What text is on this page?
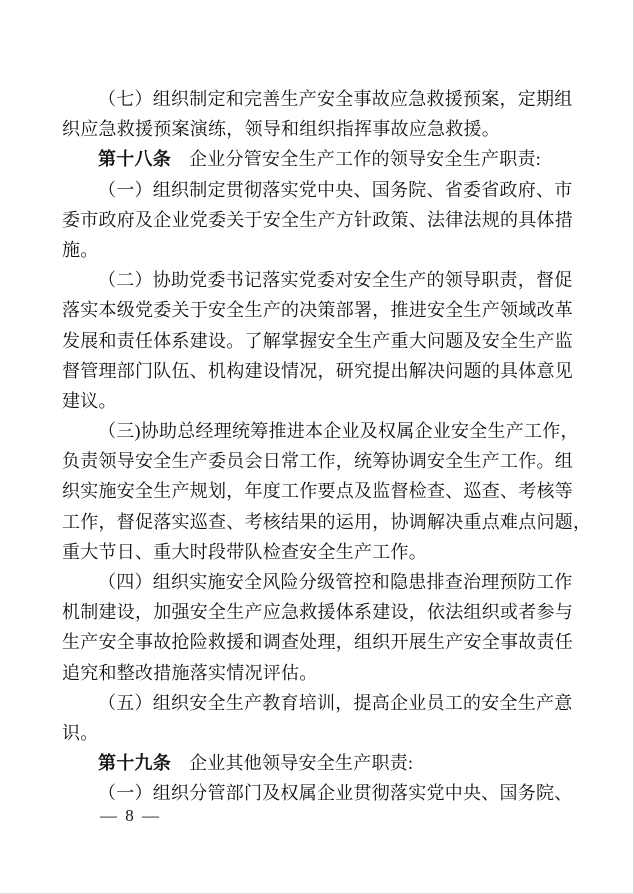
（七）组织制定和完善生产安全事故应急救援预案，定期组
织应急救援预案演练，领导和组织指挥事故应急救援。
第十八条 企业分管安全生产工作的领导安全生产职责:
（一）组织制定贯彻落实党中央、国务院、省委省政府、市
委市政府及企业党委关于安全生产方针政策、法律法规的具体措
施。
（二）协助党委书记落实党委对安全生产的领导职责，督促
落实本级党委关于安全生产的决策部署，推进安全生产领域改革
发展和责任体系建设。了解掌握安全生产重大问题及安全生产监
督管理部门队伍、机构建设情况，研究提出解决问题的具体意见
建议。
（三)协助总经理统筹推进本企业及权属企业安全生产工作，
负责领导安全生产委员会日常工作，统筹协调安全生产工作。组
织实施安全生产规划，年度工作要点及监督检查、巡查、考核等
工作，督促落实巡查、考核结果的运用，协调解决重点难点问题，
重大节日、重大时段带队检查安全生产工作。
（四）组织实施安全风险分级管控和隐患排查治理预防工作
机制建设，加强安全生产应急救援体系建设，依法组织或者参与
生产安全事故抢险救援和调查处理，组织开展生产安全事故责任
追究和整改措施落实情况评估。
（五）组织安全生产教育培训，提高企业员工的安全生产意
识。
第十九条 企业其他领导安全生产职责:
（一）组织分管部门及权属企业贯彻落实党中央、国务院、
— 8 —
